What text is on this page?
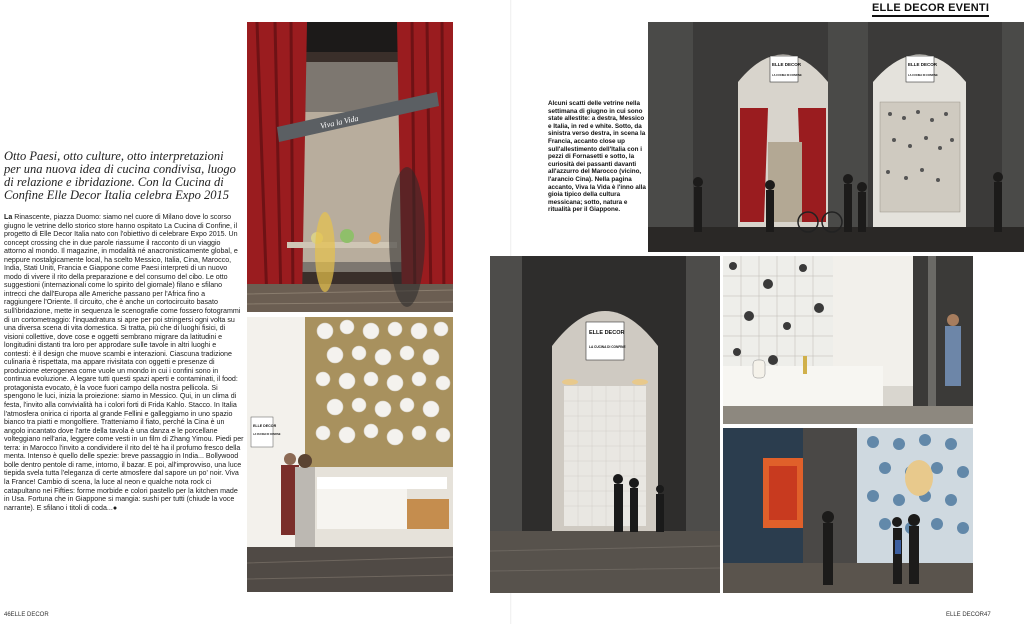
Otto Paesi, otto culture, otto interpretazioni per una nuova idea di cucina condivisa, luogo di relazione e ibridazione. Con la Cucina di Confine Elle Decor Italia celebra Expo 2015

La Rinascente, piazza Duomo: siamo nel cuore di Milano dove lo scorso giugno le vetrine dello storico store hanno ospitato La Cucina di Confine, il progetto di Elle Decor Italia nato con l'obiettivo di celebrare Expo 2015. Un concept crossing che in due parole riassume il racconto di un viaggio attorno al mondo. Il magazine, in modalità né anacronisticamente global, e neppure nostalgicamente local, ha scelto Messico, Italia, Cina, Marocco, India, Stati Uniti, Francia e Giappone come Paesi interpreti di un nuovo modo di vivere il rito della preparazione e del consumo del cibo. Le otto suggestioni (internazionali come lo spirito del giornale) filano e sfilano intrecci che dall'Europa alle Americhe passano per l'Africa fino a raggiungere l'Oriente. Il circuito, che è anche un cortocircuito basato sull'ibridazione, mette in sequenza le scenografie come fossero fotogrammi di un cortometraggio: l'inquadratura si apre per poi stringersi ogni volta su una diversa scena di vita domestica. Si tratta, più che di luoghi fisici, di visioni collettive, dove cose e oggetti sembrano migrare da latitudini e longitudini distanti tra loro per approdare sulle tavole in altri luoghi e contesti: è il design che muove scambi e interazioni. Ciascuna tradizione culinaria è rispettata, ma appare rivisitata con oggetti e presenze di produzione eterogenea come vuole un mondo in cui i confini sono in continua evoluzione. A legare tutti questi spazi aperti e contaminati, il food: protagonista evocato, è la voce fuori campo della nostra pellicola. Si spengono le luci, inizia la proiezione: siamo in Messico. Qui, in un clima di festa, l'invito alla convivialità ha i colori forti di Frida Kahlo. Stacco. In Italia l'atmosfera onirica ci riporta al grande Fellini e galleggiamo in uno spazio bianco tra piatti e mongolfiere. Tratteniamo il fiato, perché la Cina è un angolo incantato dove l'arte della tavola è una danza e le porcellane volteggiano nell'aria, leggere come vesti in un film di Zhang Yimou. Piedi per terra: in Marocco l'invito a condividere il rito del tè ha il profumo fresco della menta. Intenso è quello delle spezie: breve passaggio in India... Bollywood bolle dentro pentole di rame, intorno, il bazar. E poi, all'improvviso, una luce tiepida svela tutta l'eleganza di certe atmosfere dal sapore un po' noir. Viva la France! Cambio di scena, la luce al neon e qualche nota rock ci catapultano nei Fifties: forme morbide e colori pastello per la kitchen made in Usa. Fortuna che in Giappone si mangia: sushi per tutti (chiude la voce narrante). E sfilano i titoli di coda...●

46ELLE DECOR
Viva la Vida
ELLE DECOR
LA CUCINA DI CONFINE
ELLE DECOR EVENTI

Alcuni scatti delle vetrine nella settimana di giugno in cui sono state allestite: a destra, Messico e Italia, in red e white. Sotto, da sinistra verso destra, in scena la Francia, accanto close up sull'allestimento dell'Italia con i pezzi di Fornasetti e sotto, la curiosità dei passanti davanti all'azzurro del Marocco (vicino, l'arancio Cina). Nella pagina accanto, Viva la Vida è l'inno alla gioia tipico della cultura messicana; sotto, natura e ritualità per il Giappone.

ELLE DECOR47
ELLE DECOR
LA CUCINA DI CONFINE
ELLE DECOR
LA CUCINA DI CONFINE
ELLE DECOR
LA CUCINA DI CONFINE
